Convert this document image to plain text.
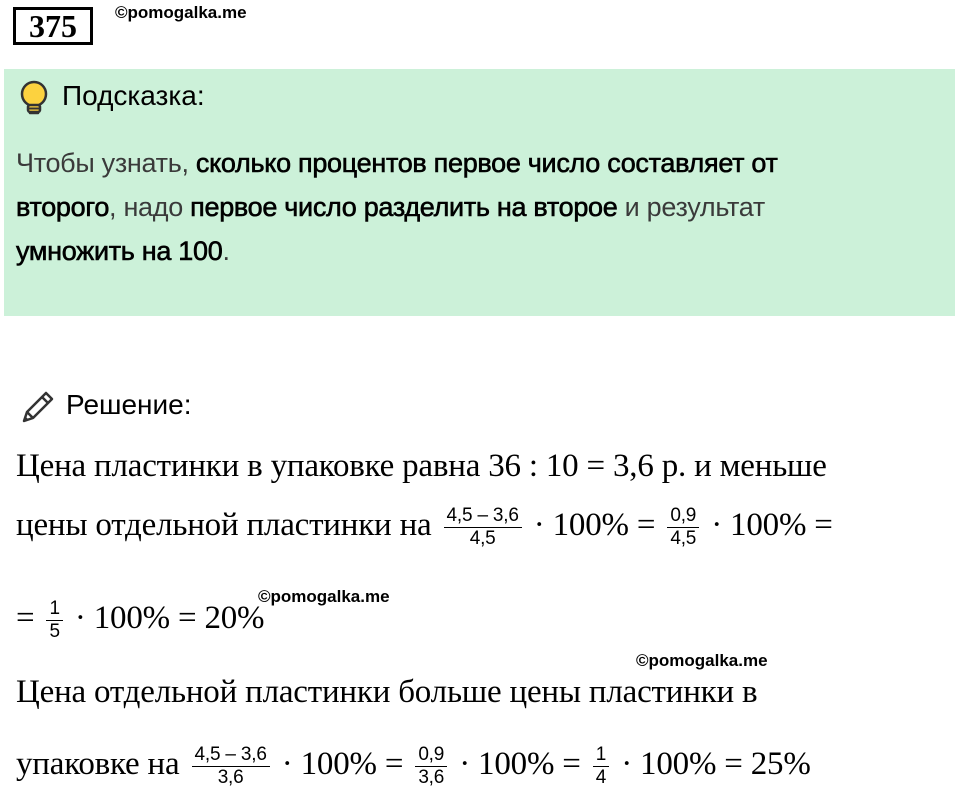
375	©pomogalka.me
Подсказка:
Чтобы узнать, сколько процентов первое число составляет от
второго, надо первое число разделить на второе и результат
умножить на 100.
Решение:
Цена пластинки в упаковке равна 36 : 10 = 3,6 р. и меньше
цены отдельной пластинки на $\frac{4,5 - 3,6}{4,5} \cdot 100\% = \frac{0,9}{4,5} \cdot 100\%$ =
©pomogalka.me
= $\frac{1}{5} \cdot 100\% = 20\%$
©pomogalka.me
Цена отдельной пластинки больше цены пластинки в
упаковке на $\frac{4,5 - 3,6}{3,6} \cdot 100\% = \frac{0,9}{3,6} \cdot 100\% = \frac{1}{4} \cdot 100\% = 25\%$
